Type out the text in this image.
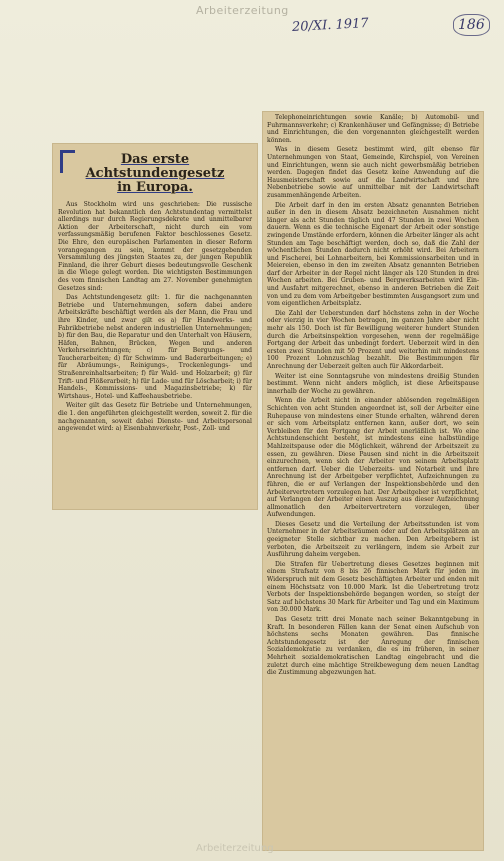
Arbeiterzeitung
20/XI. 1917	186
Das erste Achtstundengesetz
in Europa.

Aus Stockholm wird uns geschrieben: Die russische Revolution hat bekanntlich den Achtstundentag vermittelst allerdings nur durch Regierungsdekrete und unmittelbarer Aktion der Arbeiterschaft, nicht durch ein vom verfassungsmäßig berufenen Faktor beschlossenes Gesetz. Die Ehre, den europäischen Parlamenten in dieser Reform vorangegangen zu sein, kommt der gesetzgebenden Versammlung des jüngsten Staates zu, der jungen Republik Finnland, die ihrer Geburt dieses bedeutungsvolle Geschenk in die Wiege gelegt worden. Die wichtigsten Bestimmungen des vom finnischen Landtag am 27. November genehmigten Gesetzes sind:

Das Achtstundengesetz gilt: 1. für die nachgenannten Betriebe und Unternehmungen, sofern dabei andere Arbeitskräfte beschäftigt werden als der Mann, die Frau und ihre Kinder, und zwar gilt es a) für Handwerks- und Fabrikbetriebe nebst anderen industriellen Unternehmungen; b) für den Bau, die Reparatur und den Unterhalt von Häusern, Häfen, Bahnen, Brücken, Wegen und anderen Verkehrseinrichtungen; c) für Bergungs- und Taucherarbeiten; d) für Schwimm- und Baderarbeitungen; e) für Abräumungs-, Reinigungs-, Trockenlegungs- und Straßenreinhaltsarbeiten; f) für Wald- und Holzarbeit; g) für Trift- und Flößerarbeit; h) für Lade- und für Löscharbeit; i) für Handels-, Kommissions- und Magazinsbetriebe; k) für Wirtshaus-, Hotel- und Kaffeehausbetriebe.

Weiter gilt das Gesetz für Betriebe und Unternehmungen, die 1. den angeführten gleichgestellt werden, soweit 2. für die nachgenannten, soweit dabei Dienste- und Arbeitspersonal angewendet wird: a) Eisenbahnverkehr, Post-, Zoll- und

Telephoneinrichtungen sowie Kanäle; b) Automobil- und Fuhrmannsverkehr; c) Krankenhäuser und Gefängnisse; d) Betriebe und Einrichtungen, die den vorgenannten gleichgestellt werden können.

Was in diesem Gesetz bestimmt wird, gilt ebenso für Unternehmungen von Staat, Gemeinde, Kirchspiel, von Vereinen und Einrichtungen, wenn sie auch nicht gewerbsmäßig betrieben werden. Dagegen findet das Gesetz keine Anwendung auf die Hausmeisterschaft sowie auf die Landwirtschaft und ihre Nebenbetriebe sowie auf unmittelbar mit der Landwirtschaft zusammenhängende Arbeiten.

Die Arbeit darf in den im ersten Absatz genannten Betrieben außer in den in diesem Absatz bezeichneten Ausnahmen nicht länger als acht Stunden täglich und 47 Stunden in zwei Wochen dauern. Wenn es die technische Eigenart der Arbeit oder sonstige zwingende Umstände erfordern, können die Arbeiter länger als acht Stunden am Tage beschäftigt werden, doch so, daß die Zahl der wöchentlichen Stunden dadurch nicht erhöht wird. Bei Arbeitern und Fischerei, bei Lohnarbeitern, bei Kommissionsarbeiten und in Meiereien, ebenso in den im zweiten Absatz genannten Betrieben darf der Arbeiter in der Regel nicht länger als 120 Stunden in drei Wochen arbeiten. Bei Gruben- und Bergwerksarbeiten wird Ein- und Ausfahrt mitgerechnet, ebenso in anderen Betrieben die Zeit von und zu dem vom Arbeitgeber bestimmten Ausgangsort zum und vom eigentlichen Arbeitsplatz.

Die Zahl der Ueberstunden darf höchstens zehn in der Woche oder vierzig in vier Wochen betragen, im ganzen Jahre aber nicht mehr als 150. Doch ist für Bewilligung weiterer hundert Stunden durch die Arbeitsinspektion vorgesehen, wenn der regelmäßige Fortgang der Arbeit das unbedingt fordert. Ueberzeit wird in den ersten zwei Stunden mit 50 Prozent und weiterhin mit mindestens 100 Prozent Lohnzuschlag bezahlt. Die Bestimmungen für Anrechnung der Ueberzeit gelten auch für Akkordarbeit.

Weiter ist eine Sonntagsruhe von mindestens dreißig Stunden bestimmt. Wenn nicht anders möglich, ist diese Arbeitspause innerhalb der Woche zu gewähren.

Wenn die Arbeit nicht in einander ablösenden regelmäßigen Schichten von acht Stunden angeordnet ist, soll der Arbeiter eine Ruhepause von mindestens einer Stunde erhalten, während deren er sich vom Arbeitsplatz entfernen kann, außer dort, wo sein Verbleiben für den Fortgang der Arbeit unerläßlich ist. Wo eine Achtstundenschicht besteht, ist mindestens eine halbstündige Mahlzeitspause oder die Möglichkeit, während der Arbeitszeit zu essen, zu gewähren. Diese Pausen sind nicht in die Arbeitszeit einzurechnen, wenn sich der Arbeiter von seinem Arbeitsplatz entfernen darf. Ueber die Ueberzeits- und Notarbeit und ihre Anrechnung ist der Arbeitgeber verpflichtet, Aufzeichnungen zu führen, die er auf Verlangen der Inspektionsbehörde und den Arbeitervertretern vorzulegen hat. Der Arbeitgeber ist verpflichtet, auf Verlangen der Arbeiter einen Auszug aus dieser Aufzeichnung allmonatlich den Arbeitervertretern vorzulegen, über Aufwendungen.

Dieses Gesetz und die Verteilung der Arbeitsstunden ist vom Unternehmer in der Arbeitsräumen oder auf den Arbeitsplätzen an geeigneter Stelle sichtbar zu machen. Den Arbeitgebern ist verboten, die Arbeitszeit zu verlängern, indem sie Arbeit zur Ausführung daheim vergeben.

Die Strafen für Uebertretung dieses Gesetzes beginnen mit einem Strafsatz von 8 bis 26 finnischen Mark für jeden im Widerspruch mit dem Gesetz beschäftigten Arbeiter und enden mit einem Höchstsatz von 10.000 Mark. Ist die Uebertretung trotz Verbots der Inspektionsbehörde begangen worden, so steigt der Satz auf höchstens 30 Mark für Arbeiter und Tag und ein Maximum von 30.000 Mark.

Das Gesetz tritt drei Monate nach seiner Bekanntgebung in Kraft. In besonderen Fällen kann der Senat einen Aufschub von höchstens sechs Monaten gewähren. Das finnische Achtstundengesetz ist der Anregung der finnischen Sozialdemokratie zu verdanken, die es im früheren, in seiner Mehrheit sozialdemokratischen Landtag eingebracht und die zuletzt durch eine mächtige Streikbewegung dem neuen Landtag die Zustimmung abgezwungen hat.

Arbeiterzeitung
